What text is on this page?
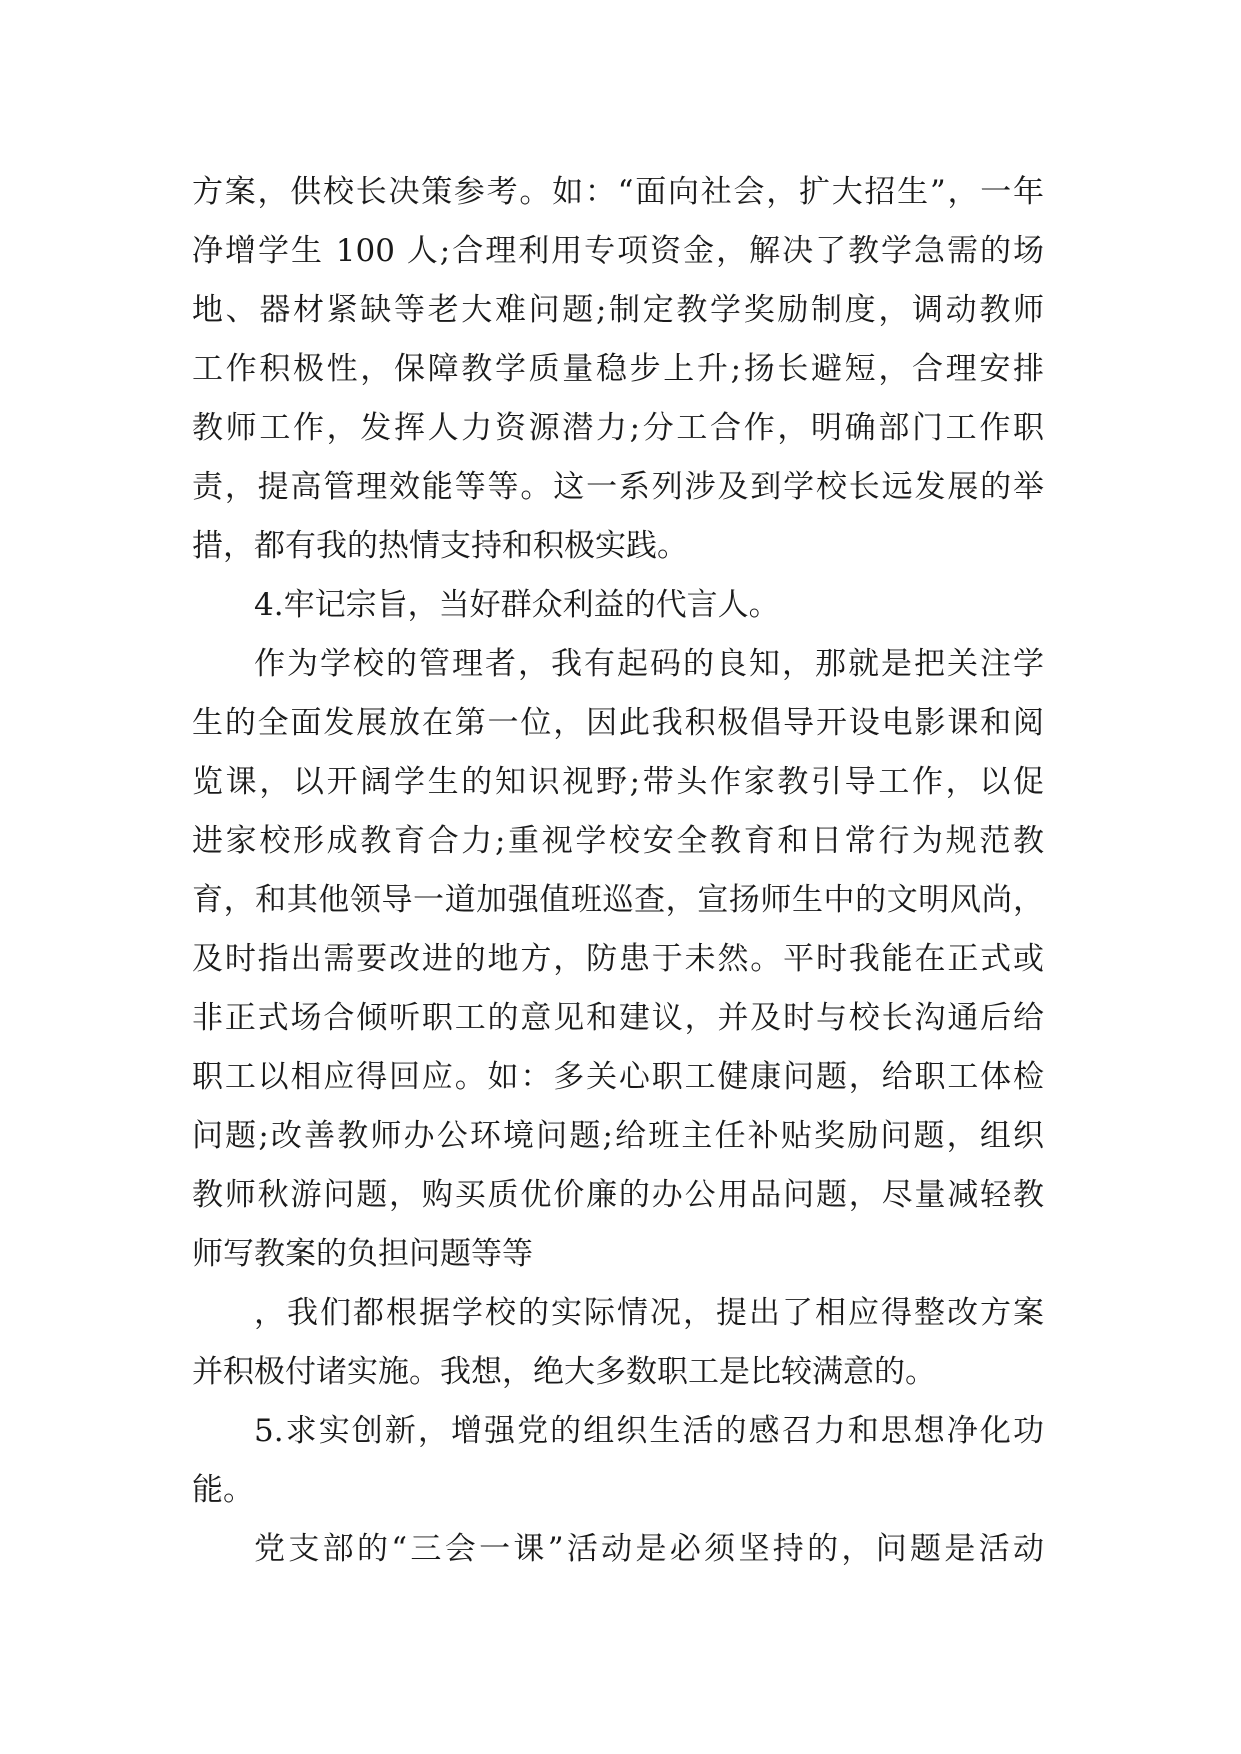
方案，供校长决策参考。如：“面向社会，扩大招生”，一年
净增学生 100 人;合理利用专项资金，解决了教学急需的场
地、器材紧缺等老大难问题;制定教学奖励制度，调动教师
工作积极性，保障教学质量稳步上升;扬长避短，合理安排
教师工作，发挥人力资源潜力;分工合作，明确部门工作职
责，提高管理效能等等。这一系列涉及到学校长远发展的举
措，都有我的热情支持和积极实践。
4.牢记宗旨，当好群众利益的代言人。
作为学校的管理者，我有起码的良知，那就是把关注学
生的全面发展放在第一位，因此我积极倡导开设电影课和阅
览课，以开阔学生的知识视野;带头作家教引导工作，以促
进家校形成教育合力;重视学校安全教育和日常行为规范教
育，和其他领导一道加强值班巡查，宣扬师生中的文明风尚，
及时指出需要改进的地方，防患于未然。平时我能在正式或
非正式场合倾听职工的意见和建议，并及时与校长沟通后给
职工以相应得回应。如：多关心职工健康问题，给职工体检
问题;改善教师办公环境问题;给班主任补贴奖励问题，组织
教师秋游问题，购买质优价廉的办公用品问题，尽量减轻教
师写教案的负担问题等等
，我们都根据学校的实际情况，提出了相应得整改方案
并积极付诸实施。我想，绝大多数职工是比较满意的。
5.求实创新，增强党的组织生活的感召力和思想净化功
能。
党支部的“三会一课”活动是必须坚持的，问题是活动
